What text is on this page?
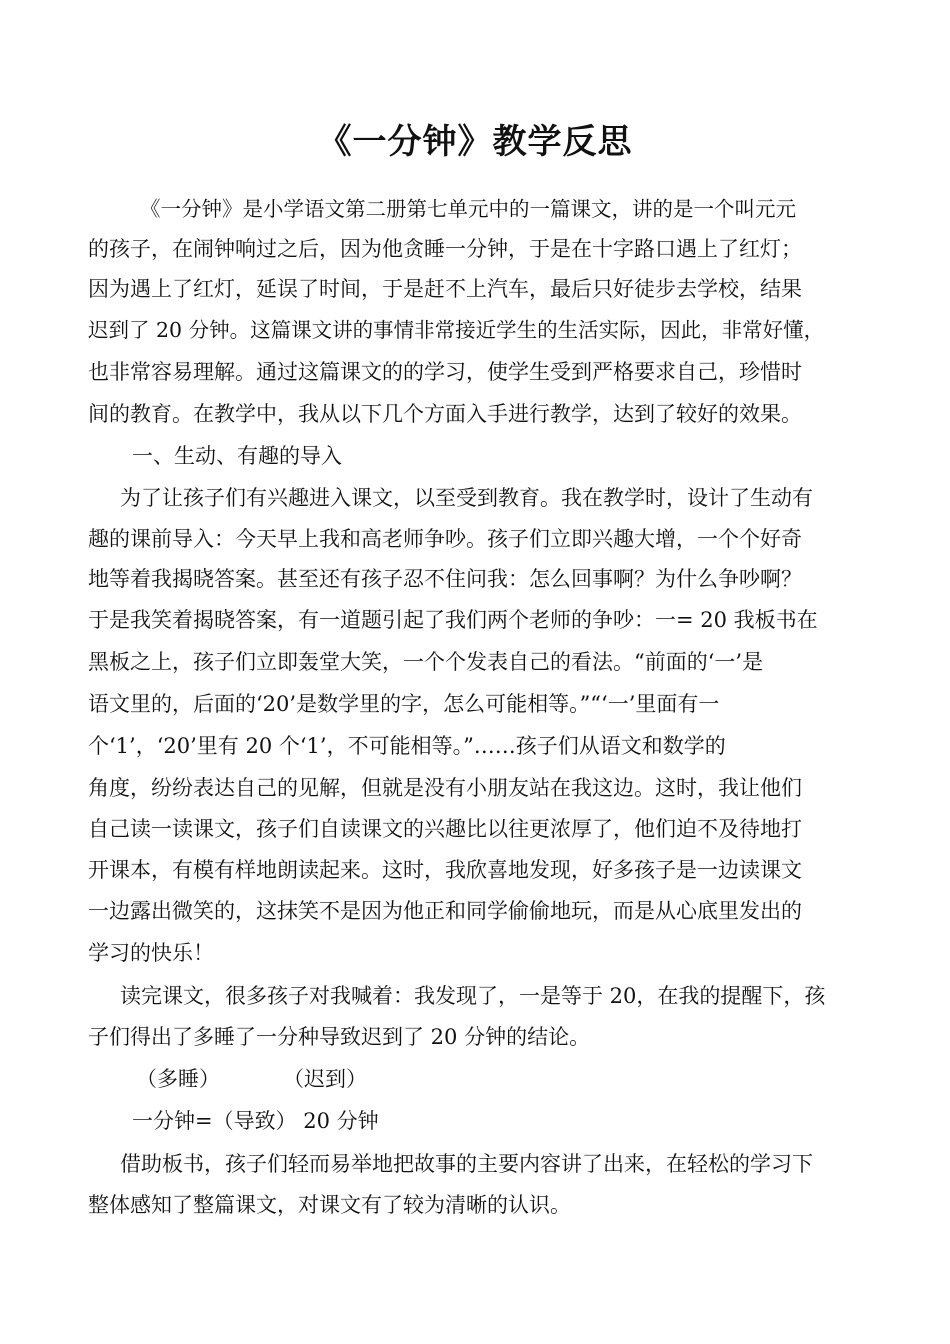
《一分钟》教学反思
《一分钟》是小学语文第二册第七单元中的一篇课文，讲的是一个叫元元
的孩子，在闹钟响过之后，因为他贪睡一分钟，于是在十字路口遇上了红灯；
因为遇上了红灯，延误了时间，于是赶不上汽车，最后只好徒步去学校，结果
迟到了 20 分钟。这篇课文讲的事情非常接近学生的生活实际，因此，非常好懂，
也非常容易理解。通过这篇课文的的学习，使学生受到严格要求自己，珍惜时
间的教育。在教学中，我从以下几个方面入手进行教学，达到了较好的效果。
一、生动、有趣的导入
为了让孩子们有兴趣进入课文，以至受到教育。我在教学时，设计了生动有
趣的课前导入：今天早上我和高老师争吵。孩子们立即兴趣大增，一个个好奇
地等着我揭晓答案。甚至还有孩子忍不住问我：怎么回事啊？为什么争吵啊？
于是我笑着揭晓答案，有一道题引起了我们两个老师的争吵：一= 20 我板书在
黑板之上，孩子们立即轰堂大笑，一个个发表自己的看法。“前面的‘一’是
语文里的，后面的‘20’是数学里的字，怎么可能相等。”“‘一’里面有一
个‘1’，‘20’里有 20 个‘1’，不可能相等。”……孩子们从语文和数学的
角度，纷纷表达自己的见解，但就是没有小朋友站在我这边。这时，我让他们
自己读一读课文，孩子们自读课文的兴趣比以往更浓厚了，他们迫不及待地打
开课本，有模有样地朗读起来。这时，我欣喜地发现，好多孩子是一边读课文
一边露出微笑的，这抹笑不是因为他正和同学偷偷地玩，而是从心底里发出的
学习的快乐！
读完课文，很多孩子对我喊着：我发现了，一是等于 20，在我的提醒下，孩
子们得出了多睡了一分种导致迟到了 20 分钟的结论。
（多睡）　　　　（迟到）
一分钟=（导致） 20 分钟
借助板书，孩子们轻而易举地把故事的主要内容讲了出来，在轻松的学习下
整体感知了整篇课文，对课文有了较为清晰的认识。
